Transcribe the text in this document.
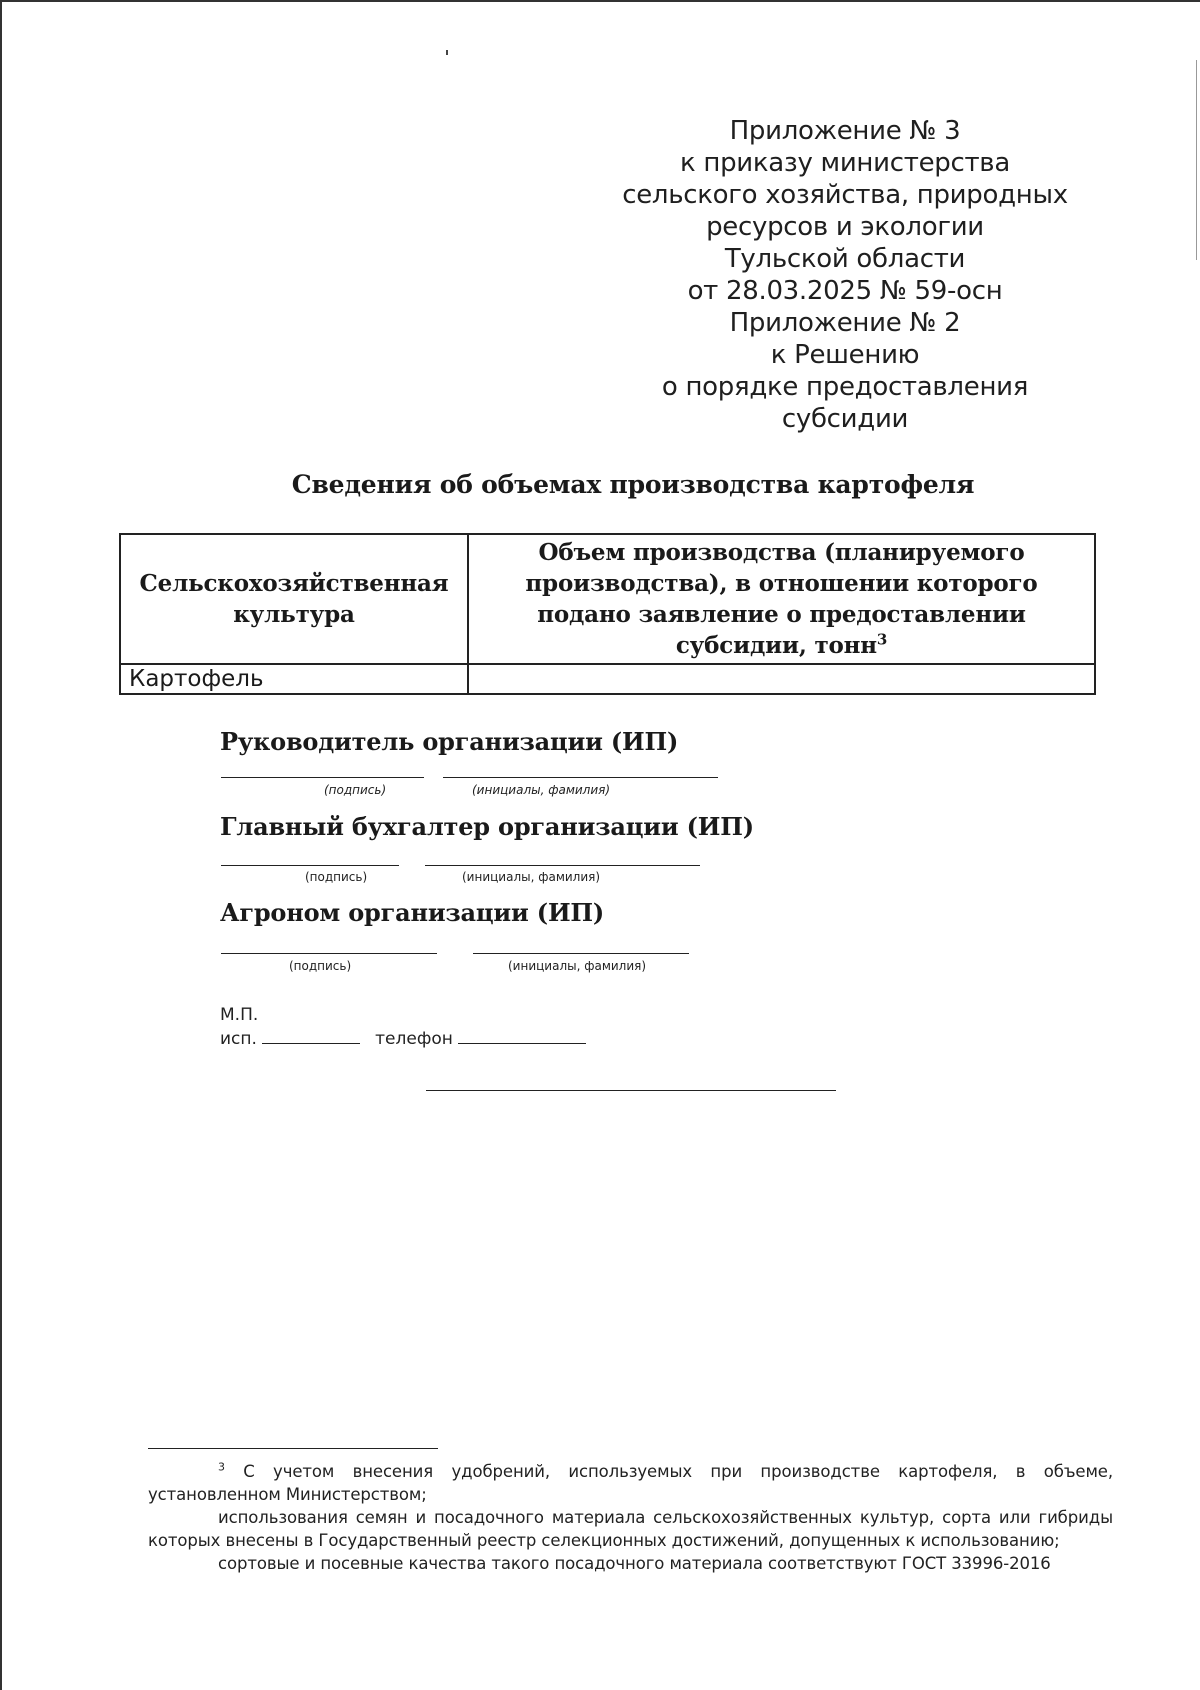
Приложение № 3
к приказу министерства
сельского хозяйства, природных
ресурсов и экологии
Тульской области
от 28.03.2025 № 59-осн
Приложение № 2
к Решению
о порядке предоставления
субсидии
Сведения об объемах производства картофеля
Сельскохозяйственная культура	Объем производства (планируемого производства), в отношении которого подано заявление о предоставлении субсидии, тонн$^3$
Картофель	
Руководитель организации (ИП)
(подпись)	(инициалы, фамилия)
Главный бухгалтер организации (ИП)
(подпись)	(инициалы, фамилия)
Агроном организации (ИП)
(подпись)	(инициалы, фамилия)
М.П.
исп.	телефон

$^3$ С учетом внесения удобрений, используемых при производстве картофеля, в объеме, установленном Министерством;

использования семян и посадочного материала сельскохозяйственных культур, сорта или гибриды которых внесены в Государственный реестр селекционных достижений, допущенных к использованию;

сортовые и посевные качества такого посадочного материала соответствуют ГОСТ 33996-2016
